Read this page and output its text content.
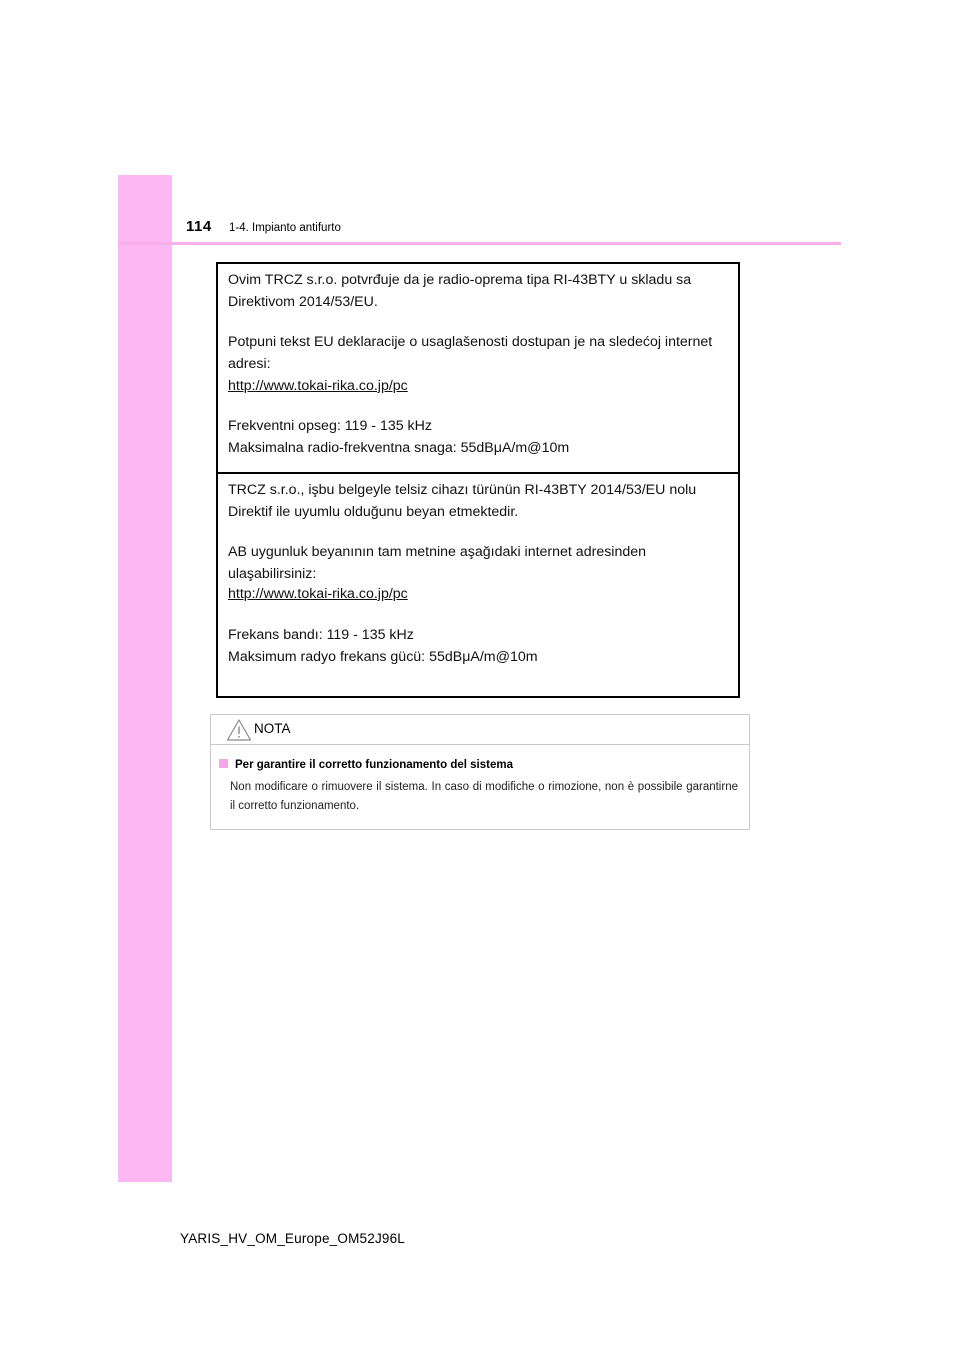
114 1-4. Impianto antifurto

Ovim TRCZ s.r.o. potvrđuje da je radio-oprema tipa RI-43BTY u skladu sa Direktivom 2014/53/EU.

Potpuni tekst EU deklaracije o usaglašenosti dostupan je na sledećoj internet adresi:

http://www.tokai-rika.co.jp/pc

Frekventni opseg: 119 - 135 kHz

Maksimalna radio-frekventna snaga: 55dBμA/m@10m

TRCZ s.r.o., işbu belgeyle telsiz cihazı türünün RI-43BTY 2014/53/EU nolu Direktif ile uyumlu olduğunu beyan etmektedir.

AB uygunluk beyanının tam metnine aşağıdaki internet adresinden ulaşabilirsiniz:

http://www.tokai-rika.co.jp/pc

Frekans bandı: 119 - 135 kHz

Maksimum radyo frekans gücü: 55dBμA/m@10m

NOTA
Per garantire il corretto funzionamento del sistema

Non modificare o rimuovere il sistema. In caso di modifiche o rimozione, non è possibile garantirne il corretto funzionamento.

YARIS_HV_OM_Europe_OM52J96L
